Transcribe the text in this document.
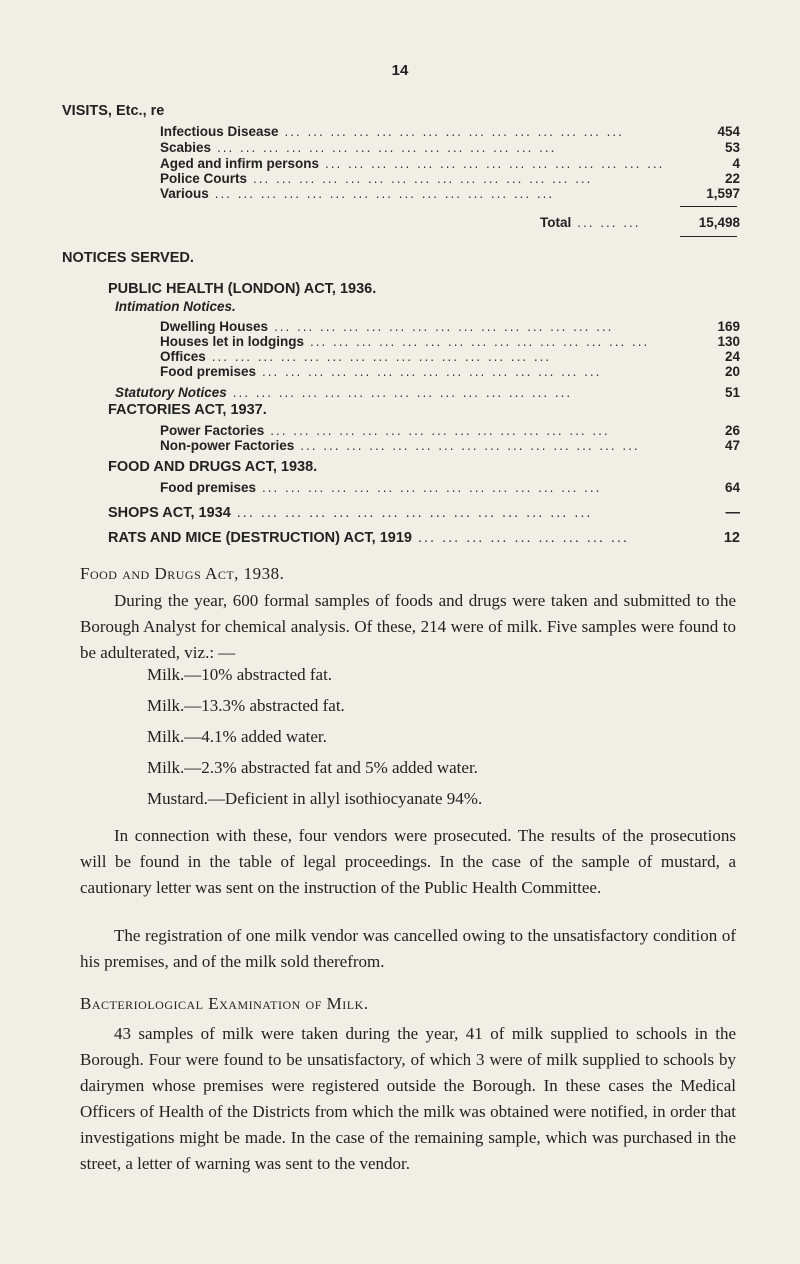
14
VISITS, Etc., re
Infectious Disease ... ... ... ... ... ... ... ... ... ... ... ... ... ... ...	454
Scabies ... ... ... ... ... ... ... ... ... ... ... ... ... ... ...	53
Aged and infirm persons ... ... ... ... ... ... ... ... ... ... ... ... ... ... ...	4
Police Courts ... ... ... ... ... ... ... ... ... ... ... ... ... ... ...	22
Various ... ... ... ... ... ... ... ... ... ... ... ... ... ... ...	1,597
Total ... ... ...	15,498
NOTICES SERVED.
PUBLIC HEALTH (LONDON) ACT, 1936.
Intimation Notices.
Dwelling Houses ... ... ... ... ... ... ... ... ... ... ... ... ... ... ...	169
Houses let in lodgings ... ... ... ... ... ... ... ... ... ... ... ... ... ... ...	130
Offices ... ... ... ... ... ... ... ... ... ... ... ... ... ... ...	24
Food premises ... ... ... ... ... ... ... ... ... ... ... ... ... ... ...	20
Statutory Notices ... ... ... ... ... ... ... ... ... ... ... ... ... ... ...	51
FACTORIES ACT, 1937.
Power Factories ... ... ... ... ... ... ... ... ... ... ... ... ... ... ...	26
Non-power Factories ... ... ... ... ... ... ... ... ... ... ... ... ... ... ...	47
FOOD AND DRUGS ACT, 1938.
Food premises ... ... ... ... ... ... ... ... ... ... ... ... ... ... ...	64
SHOPS ACT, 1934 ... ... ... ... ... ... ... ... ... ... ... ... ... ... ...	—
RATS AND MICE (DESTRUCTION) ACT, 1919 ... ... ... ... ... ... ... ... ...	12
Food and Drugs Act, 1938.

During the year, 600 formal samples of foods and drugs were taken and submitted to the Borough Analyst for chemical analysis. Of these, 214 were of milk. Five samples were found to be adulterated, viz.: —

Milk.—10% abstracted fat.
Milk.—13.3% abstracted fat.
Milk.—4.1% added water.
Milk.—2.3% abstracted fat and 5% added water.
Mustard.—Deficient in allyl isothiocyanate 94%.

In connection with these, four vendors were prosecuted. The results of the prosecutions will be found in the table of legal proceedings. In the case of the sample of mustard, a cautionary letter was sent on the instruction of the Public Health Committee.

The registration of one milk vendor was cancelled owing to the unsatisfactory condition of his premises, and of the milk sold therefrom.

Bacteriological Examination of Milk.

43 samples of milk were taken during the year, 41 of milk supplied to schools in the Borough. Four were found to be unsatisfactory, of which 3 were of milk supplied to schools by dairymen whose premises were registered outside the Borough. In these cases the Medical Officers of Health of the Districts from which the milk was obtained were notified, in order that investigations might be made. In the case of the remaining sample, which was purchased in the street, a letter of warning was sent to the vendor.
